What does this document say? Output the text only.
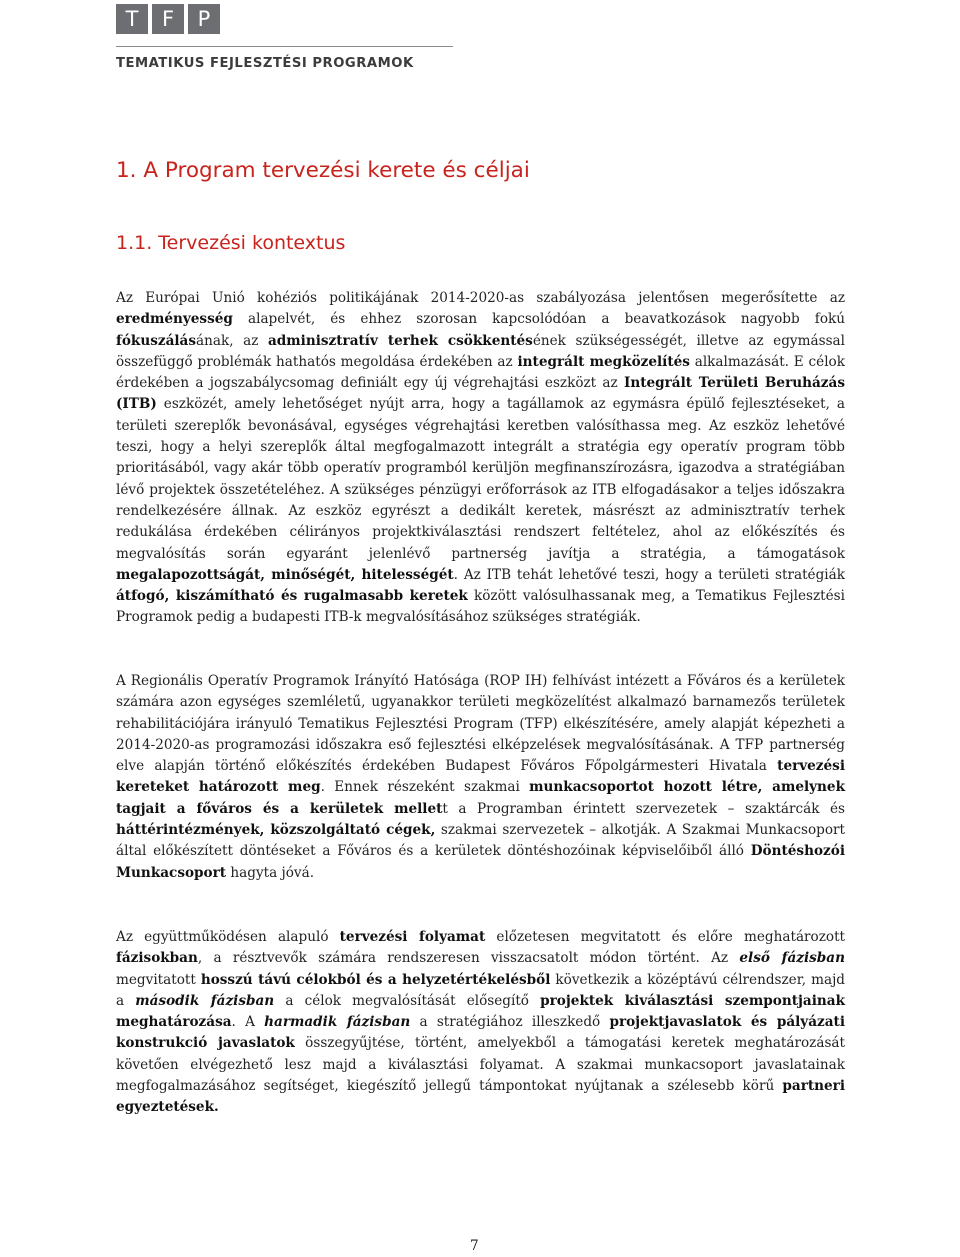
T	F	P
TEMATIKUS FEJLESZTÉSI PROGRAMOK
1. A Program tervezési kerete és céljai
1.1. Tervezési kontextus

Az Európai Unió kohéziós politikájának 2014-2020-as szabályozása jelentősen megerősítette az eredményesség alapelvét, és ehhez szorosan kapcsolódóan a beavatkozások nagyobb fokú fókuszálásának, az adminisztratív terhek csökkentésének szükségességét, illetve az egymással összefüggő problémák hathatós megoldása érdekében az integrált megközelítés alkalmazását. E célok érdekében a jogszabálycsomag definiált egy új végrehajtási eszközt az Integrált Területi Beruházás (ITB) eszközét, amely lehetőséget nyújt arra, hogy a tagállamok az egymásra épülő fejlesztéseket, a területi szereplők bevonásával, egységes végrehajtási keretben valósíthassa meg. Az eszköz lehetővé teszi, hogy a helyi szereplők által megfogalmazott integrált a stratégia egy operatív program több prioritásából, vagy akár több operatív programból kerüljön megfinanszírozásra, igazodva a stratégiában lévő projektek összetételéhez. A szükséges pénzügyi erőforrások az ITB elfogadásakor a teljes időszakra rendelkezésére állnak. Az eszköz egyrészt a dedikált keretek, másrészt az adminisztratív terhek redukálása érdekében célirányos projektkiválasztási rendszert feltételez, ahol az előkészítés és megvalósítás során egyaránt jelenlévő partnerség javítja a stratégia, a támogatások megalapozottságát, minőségét, hitelességét. Az ITB tehát lehetővé teszi, hogy a területi stratégiák átfogó, kiszámítható és rugalmasabb keretek között valósulhassanak meg, a Tematikus Fejlesztési Programok pedig a budapesti ITB-k megvalósításához szükséges stratégiák.

A Regionális Operatív Programok Irányító Hatósága (ROP IH) felhívást intézett a Főváros és a kerületek számára azon egységes szemléletű, ugyanakkor területi megközelítést alkalmazó barnamezős területek rehabilitációjára irányuló Tematikus Fejlesztési Program (TFP) elkészítésére, amely alapját képezheti a 2014-2020-as programozási időszakra eső fejlesztési elképzelések megvalósításának. A TFP partnerség elve alapján történő előkészítés érdekében Budapest Főváros Főpolgármesteri Hivatala tervezési kereteket határozott meg. Ennek részeként szakmai munkacsoportot hozott létre, amelynek tagjait a főváros és a kerületek mellett a Programban érintett szervezetek – szaktárcák és háttérintézmények, közszolgáltató cégek, szakmai szervezetek – alkotják. A Szakmai Munkacsoport által előkészített döntéseket a Főváros és a kerületek döntéshozóinak képviselőiből álló Döntéshozói Munkacsoport hagyta jóvá.

Az együttműködésen alapuló tervezési folyamat előzetesen megvitatott és előre meghatározott fázisokban, a résztvevők számára rendszeresen visszacsatolt módon történt. Az első fázisban megvitatott hosszú távú célokból és a helyzetértékelésből következik a középtávú célrendszer, majd a második fázisban a célok megvalósítását elősegítő projektek kiválasztási szempontjainak meghatározása. A harmadik fázisban a stratégiához illeszkedő projektjavaslatok és pályázati konstrukció javaslatok összegyűjtése, történt, amelyekből a támogatási keretek meghatározását követően elvégezhető lesz majd a kiválasztási folyamat. A szakmai munkacsoport javaslatainak megfogalmazásához segítséget, kiegészítő jellegű támpontokat nyújtanak a szélesebb körű partneri egyeztetések.

7
